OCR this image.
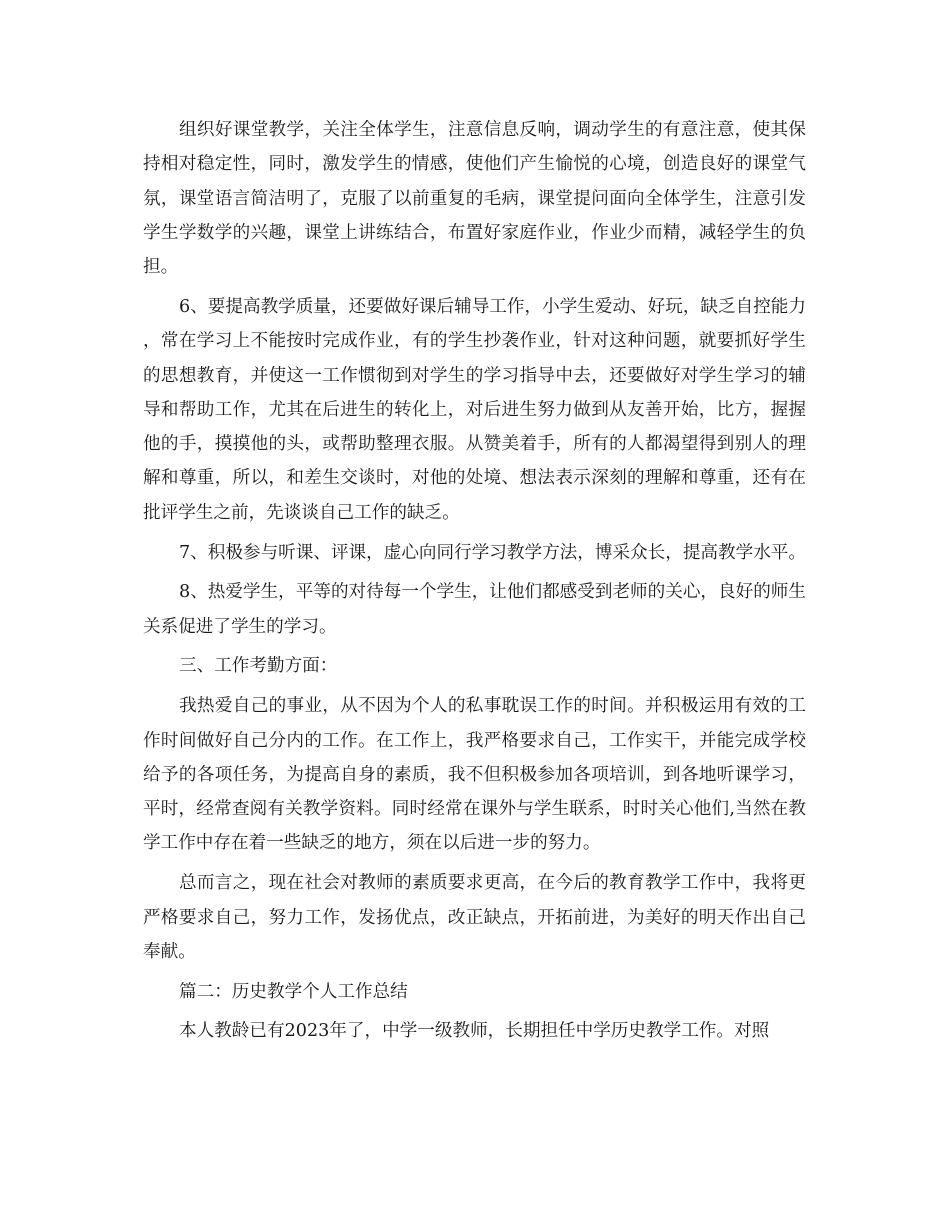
组织好课堂教学，关注全体学生，注意信息反响，调动学生的有意注意，使其保持相对稳定性，同时，激发学生的情感，使他们产生愉悦的心境，创造良好的课堂气氛，课堂语言简洁明了，克服了以前重复的毛病，课堂提问面向全体学生，注意引发学生学数学的兴趣，课堂上讲练结合，布置好家庭作业，作业少而精，减轻学生的负担。

6、要提高教学质量，还要做好课后辅导工作，小学生爱动、好玩，缺乏自控能力，常在学习上不能按时完成作业，有的学生抄袭作业，针对这种问题，就要抓好学生的思想教育，并使这一工作惯彻到对学生的学习指导中去，还要做好对学生学习的辅导和帮助工作，尤其在后进生的转化上，对后进生努力做到从友善开始，比方，握握他的手，摸摸他的头，或帮助整理衣服。从赞美着手，所有的人都渴望得到别人的理解和尊重，所以，和差生交谈时，对他的处境、想法表示深刻的理解和尊重，还有在批评学生之前，先谈谈自己工作的缺乏。

7、积极参与听课、评课，虚心向同行学习教学方法，博采众长，提高教学水平。

8、热爱学生，平等的对待每一个学生，让他们都感受到老师的关心，良好的师生关系促进了学生的学习。

三、工作考勤方面：

我热爱自己的事业，从不因为个人的私事耽误工作的时间。并积极运用有效的工作时间做好自己分内的工作。在工作上，我严格要求自己，工作实干，并能完成学校给予的各项任务，为提高自身的素质，我不但积极参加各项培训，到各地听课学习，平时，经常查阅有关教学资料。同时经常在课外与学生联系，时时关心他们,当然在教学工作中存在着一些缺乏的地方，须在以后进一步的努力。

总而言之，现在社会对教师的素质要求更高，在今后的教育教学工作中，我将更严格要求自己，努力工作，发扬优点，改正缺点，开拓前进，为美好的明天作出自己奉献。

篇二：历史教学个人工作总结

本人教龄已有2023年了，中学一级教师，长期担任中学历史教学工作。对照
